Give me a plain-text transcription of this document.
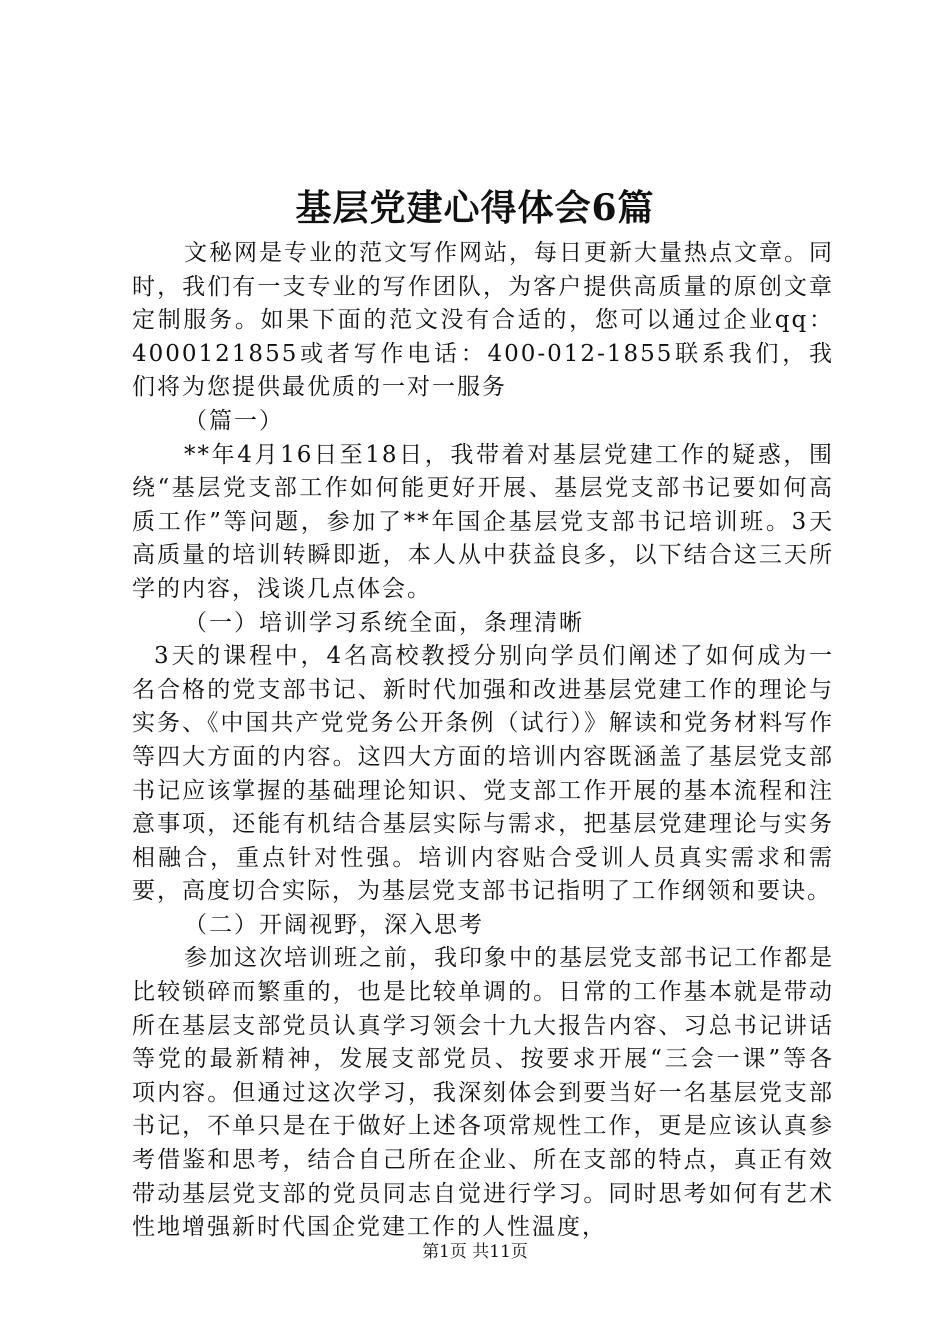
基层党建心得体会6篇

文秘网是专业的范文写作网站，每日更新大量热点文章。同时，我们有一支专业的写作团队，为客户提供高质量的原创文章定制服务。如果下面的范文没有合适的，您可以通过企业qq：4000121855或者写作电话：400-012-1855联系我们，我们将为您提供最优质的一对一服务

（篇一）

**年4月16日至18日，我带着对基层党建工作的疑惑，围绕“基层党支部工作如何能更好开展、基层党支部书记要如何高质工作”等问题，参加了**年国企基层党支部书记培训班。3天高质量的培训转瞬即逝，本人从中获益良多，以下结合这三天所学的内容，浅谈几点体会。

（一）培训学习系统全面，条理清晰

3天的课程中，4名高校教授分别向学员们阐述了如何成为一名合格的党支部书记、新时代加强和改进基层党建工作的理论与实务、《中国共产党党务公开条例（试行）》解读和党务材料写作等四大方面的内容。这四大方面的培训内容既涵盖了基层党支部书记应该掌握的基础理论知识、党支部工作开展的基本流程和注意事项，还能有机结合基层实际与需求，把基层党建理论与实务相融合，重点针对性强。培训内容贴合受训人员真实需求和需要，高度切合实际，为基层党支部书记指明了工作纲领和要诀。

（二）开阔视野，深入思考

参加这次培训班之前，我印象中的基层党支部书记工作都是比较锁碎而繁重的，也是比较单调的。日常的工作基本就是带动所在基层支部党员认真学习领会十九大报告内容、习总书记讲话等党的最新精神，发展支部党员、按要求开展“三会一课”等各项内容。但通过这次学习，我深刻体会到要当好一名基层党支部书记，不单只是在于做好上述各项常规性工作，更是应该认真参考借鉴和思考，结合自己所在企业、所在支部的特点，真正有效带动基层党支部的党员同志自觉进行学习。同时思考如何有艺术性地增强新时代国企党建工作的人性温度，

第1页 共11页
